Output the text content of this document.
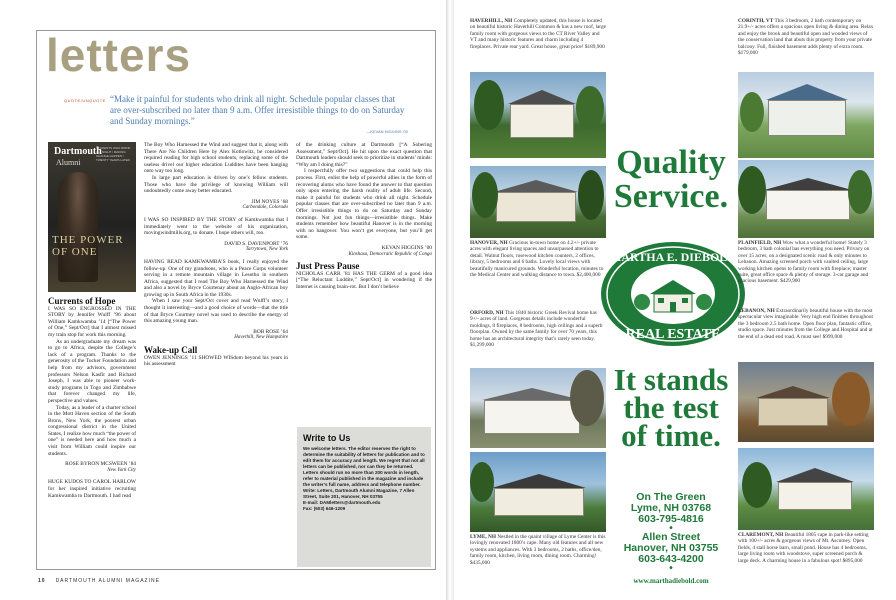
letters
QUOTE/UNQUOTE “Make it painful for students who drink all night. Schedule popular classes that are over-subscribed no later than 9 a.m. Offer irresistible things to do on Saturday and Sunday mornings.”
—KEVAN HIGGINS ’00
Dartmouth
Alumni
STUDENTS WHO DRINK ALL NIGHT / MAKING CHANGE HAPPEN / TWENTY YEARS LATER
THE POWER OF ONE
Currents of Hope

I WAS SO ENGROSSED IN THE STORY by Jennifer Wulff ’96 about William Kamkwamba ’14 [“The Power of One,” Sept/Oct] that I almost missed my train stop for work this morning.

As an undergraduate my dream was to go to Africa, despite the College’s lack of a program. Thanks to the generosity of the Tucker Foundation and help from my advisors, government professors Nelson Kasfir and Richard Joseph, I was able to pioneer work-study programs in Togo and Zimbabwe that forever changed my life, perspective and values.

Today, as a leader of a charter school in the Mott Haven section of the South Bronx, New York, the poorest urban congressional district in the United States, I realize how much “the power of one” is needed here and how much a visit from William could inspire our students.

ROSE BYRON MCSWEEN ’84
New York City

HUGE KUDOS TO CAROL HARLOW for her inspired initiative recruiting Kamkwamba to Dartmouth. I had read

The Boy Who Harnessed the Wind and suggest that it, along with There Are No Children Here by Alex Kotlowitz, be considered required reading for high school students, replacing some of the useless drivel our higher education Luddites have been hanging onto way too long.

In large part education is driven by one’s fellow students. Those who have the privilege of knowing William will undoubtedly come away better educated.

JIM NOYES ’68
Carbondale, Colorado

I WAS SO INSPIRED BY THE STORY of Kamkwamba that I immediately went to the website of his organization, movingwindmills.org, to donate. I hope others will, too.

DAVID S. DAVENPORT ’76
Tarrytown, New York

HAVING READ KAMKWAMBA’S book, I really enjoyed the follow-up. One of my grandsons, who is a Peace Corps volunteer serving in a remote mountain village in Lesotho in southern Africa, suggested that I read The Boy Who Harnessed the Wind and also a novel by Bryce Courtenay about an Anglo-African boy growing up in South Africa in the 1930s.

When I saw your Sept/Oct cover and read Wulff’s story, I thought it interesting—and a good choice of words—that the title of that Bryce Courtney novel was used to describe the energy of this amazing young man.

BOB ROSE ’64
Haverhill, New Hampshire
Wake-up Call

OWEN JENNINGS ’11 SHOWED WISdom beyond his years in his assessment

of the drinking culture at Dartmouth [“A Sobering Assessment,” Sept/Oct]. He hit upon the exact question that Dartmouth leaders should seek to prioritize in students’ minds: “Why am I doing this?”

I respectfully offer two suggestions that could help this process. First, enlist the help of powerful allies in the form of recovering alums who have found the answer to that question only upon entering the harsh reality of adult life. Second, make it painful for students who drink all night. Schedule popular classes that are over-subscribed no later than 9 a.m. Offer irresistible things to do on Saturday and Sunday mornings. Not just fun things—irresistible things. Make students remember how beautiful Hanover is in the morning with no hangover. You won’t get everyone, but you’ll get some.

KEVAN HIGGINS ’00
Kinshasa, Democratic Republic of Congo
Just Press Pause

NICHOLAS CARR ’81 HAS THE GERM of a good idea [“The Reluctant Luddite,” Sept/Oct] in wondering if the Internet is causing brain-rot. But I don’t believe

Write to Us
We welcome letters. The editor reserves the right to determine the suitability of letters for publication and to edit them for accuracy and length. We regret that not all letters can be published, nor can they be returned. Letters should run no more than 200 words in length, refer to material published in the magazine and include the writer’s full name, address and telephone number.
Write: Letters, Dartmouth Alumni Magazine, 7 Allen Street, Suite 201, Hanover, NH 03755
E-mail: DAMletters@dartmouth.edu
Fax: (603) 646-1209
10 DARTMOUTH ALUMNI MAGAZINE
HAVERHILL, NH Completely updated, this house is located on beautiful historic Haverhill Common & has a new roof, large family room with gorgeous views to the CT River Valley and VT and many historic features and charm including 4 fireplaces. Private rear yard. Great house, great price! $189,900
HANOVER, NH Gracious in-town home on 4.2+/- private acres with elegant living spaces and unsurpassed attention to detail. Walnut floors, rosewood kitchen counters, 2 offices, library, 5 bedrooms and 6 baths. Lovely local views with beautifully manicured grounds. Wonderful location, minutes to the Medical Center and walking distance to town. $2,400,000
ORFORD, NH This 1840 historic Greek Revival home has 9+/- acres of land. Gorgeous details include wonderful moldings, 8 fireplaces, 8 bedrooms, high ceilings and a superb floorplan. Owned by the same family for over 70 years, this home has an architectural integrity that’s rarely seen today. $1,299,000
LYME, NH Nestled in the quaint village of Lyme Center is this lovingly renovated 1800’s cape. Many old features and all new systems and appliances. With 3 bedrooms, 2 baths, office/den, family room, kitchen, living room, dining room. Charming! $435,000
Quality Service.
MARTHA E. DIEBOLD
REAL ESTATE
It stands the test of time.
On The Green
Lyme, NH 03768
603-795-4816
•
Allen Street
Hanover, NH 03755
603-643-4200
•
www.marthadiebold.com
CORINTH, VT This 3 bedroom, 2 bath contemporary on 21.9+/- acres offers a spacious open living & dining area. Relax and enjoy the brook and beautiful open and wooded views of the conservation land that abuts this property from your private balcony. Full, finished basement adds plenty of extra room. $179,000
PLAINFIELD, NH Wow what a wonderful home! Stately 3 bedroom, 3 bath colonial has everything you need. Privacy on over 15 acres, on a designated scenic road & only minutes to Lebanon. Amazing screened porch with vaulted ceiling, large working kitchen opens to family room with fireplace; master suite, great office space & plenty of storage. 3-car garage and spacious basement. $429,900
LEBANON, NH Extraordinarily beautiful house with the most spectacular view imaginable. Very high end finishes throughout the 3 bedroom 2.5 bath home. Open floor plan, fantastic office, studio space. Just minutes from the College and Hospital and at the end of a dead end road. A must see! $999,000
CLAREMONT, NH Beautiful 1805 cape in park-like setting with 100+/- acres & gorgeous views of Mt. Ascutney. Open fields, 4 stall horse barn, small pond. House has 4 bedrooms, large living room with woodstove, super screened porch & large deck. A charming house in a fabulous spot! $895,000
